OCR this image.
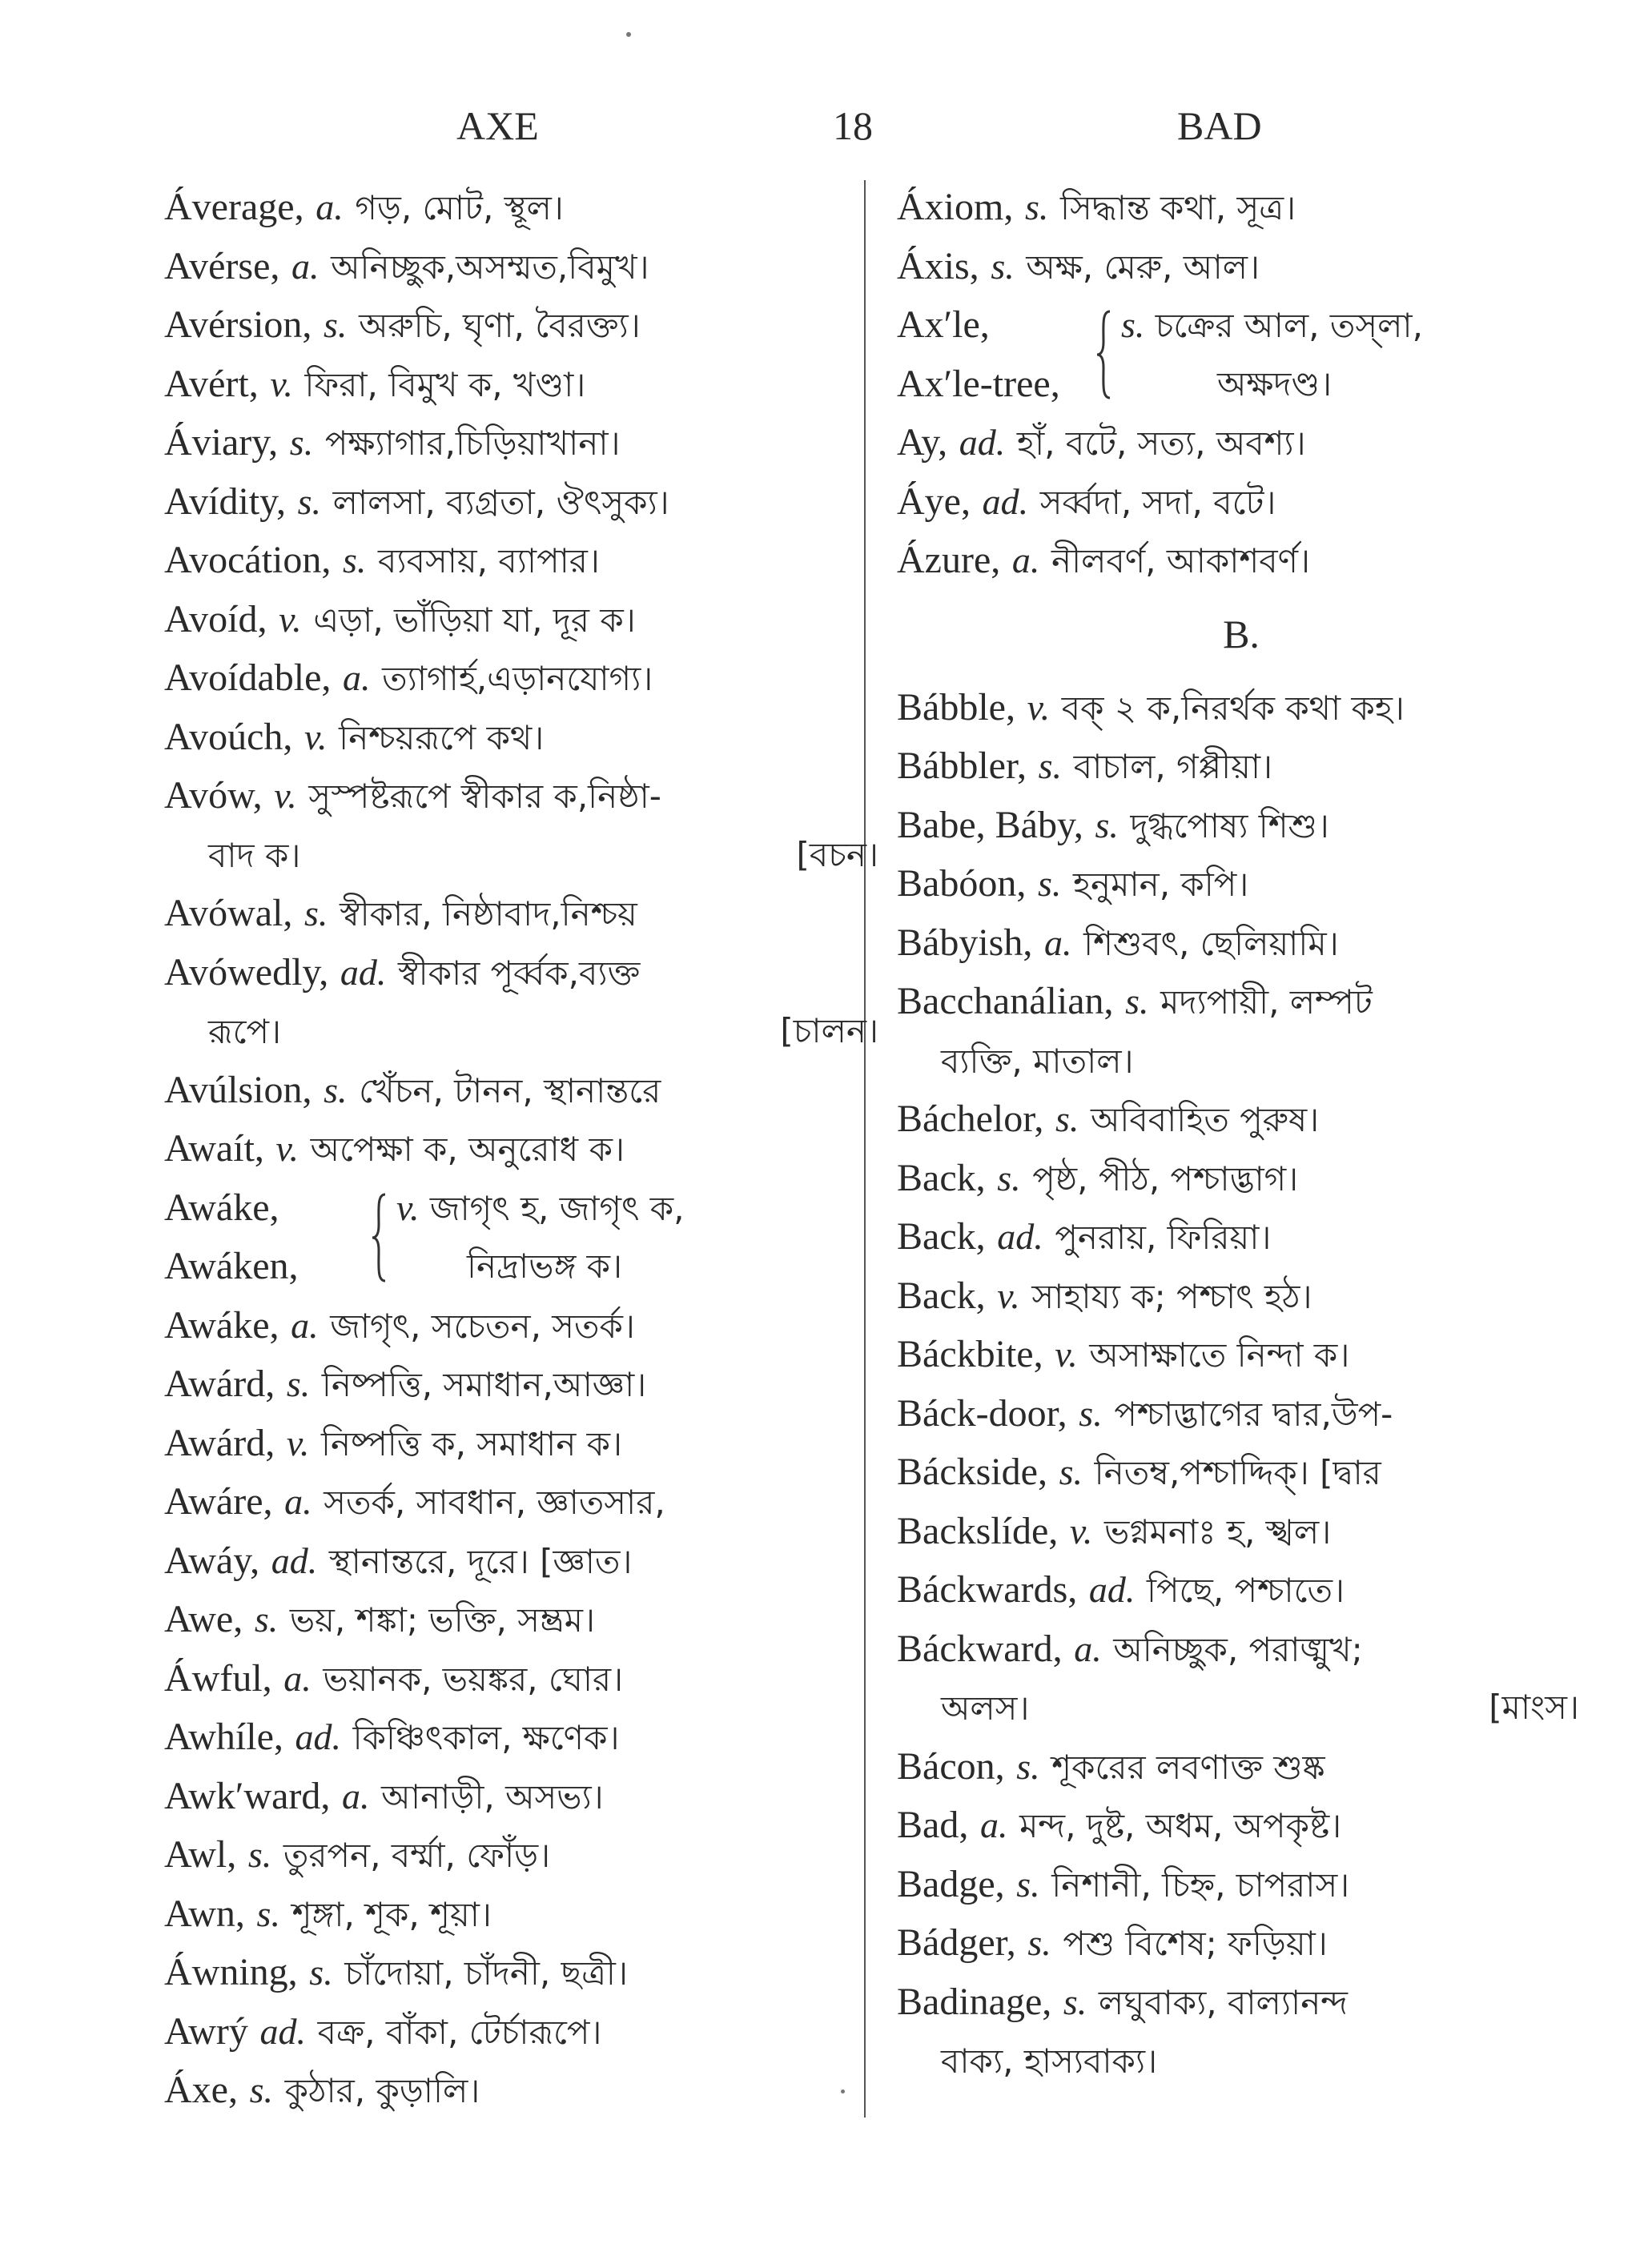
AXE	18	BAD
Áverage, a. গড়, মোট, স্থূল।
Avérse, a. অনিচ্ছুক,অসম্মত,বিমুখ।
Avérsion, s. অরুচি, ঘৃণা, বৈরক্ত্য।
Avért, v. ফিরা, বিমুখ ক, খণ্ডা।
Áviary, s. পক্ষ্যাগার,চিড়িয়াখানা।
Avídity, s. লালসা, ব্যগ্রতা, ঔৎসুক্য।
Avocátion, s. ব্যবসায়, ব্যাপার।
Avoíd, v. এড়া, ভাঁড়িয়া যা, দূর ক।
Avoídable, a. ত্যাগার্হ,এড়ানযোগ্য।
Avoúch, v. নিশ্চয়রূপে কথ।
Avów, v. সুস্পষ্টরূপে স্বীকার ক,নিষ্ঠা-
বাদ ক।	[বচন।
Avówal, s. স্বীকার, নিষ্ঠাবাদ,নিশ্চয়
Avówedly, ad. স্বীকার পূর্ব্বক,ব্যক্ত
রূপে।	[চালন।
Avúlsion, s. খেঁচন, টানন, স্থানান্তরে
Awaít, v. অপেক্ষা ক, অনুরোধ ক।
Awáke,
Awáken,
v. জাগৃৎ হ, জাগৃৎ ক,
নিদ্রাভঙ্গ ক।
Awáke, a. জাগৃৎ, সচেতন, সতর্ক।
Awárd, s. নিষ্পত্তি, সমাধান,আজ্ঞা।
Awárd, v. নিষ্পত্তি ক, সমাধান ক।
Awáre, a. সতর্ক, সাবধান, জ্ঞাতসার,
Awáy, ad. স্থানান্তরে, দূরে। [জ্ঞাত।
Awe, s. ভয়, শঙ্কা; ভক্তি, সম্ভ্রম।
Áwful, a. ভয়ানক, ভয়ঙ্কর, ঘোর।
Awhíle, ad. কিঞ্চিৎকাল, ক্ষণেক।
Awk′ward, a. আনাড়ী, অসভ্য।
Awl, s. তুরপন, বর্ম্মা, ফোঁড়।
Awn, s. শূঙ্গা, শূক, শূয়া।
Áwning, s. চাঁদোয়া, চাঁদনী, ছত্রী।
Awrý ad. বক্র, বাঁকা, টের্চারূপে।
Áxe, s. কুঠার, কুড়ালি।
Áxiom, s. সিদ্ধান্ত কথা, সূত্র।
Áxis, s. অক্ষ, মেরু, আল।
Ax′le,
Ax′le-tree,
s. চক্রের আল, তস্‌লা,
অক্ষদণ্ড।
Ay, ad. হাঁ, বটে, সত্য, অবশ্য।
Áye, ad. সর্ব্বদা, সদা, বটে।
Ázure, a. নীলবর্ণ, আকাশবর্ণ।
B.
Bábble, v. বক্ ২ ক,নিরর্থক কথা কহ।
Bábbler, s. বাচাল, গপ্পীয়া।
Babe, Báby, s. দুগ্ধপোষ্য শিশু।
Babóon, s. হনুমান, কপি।
Bábyish, a. শিশুবৎ, ছেলিয়ামি।
Bacchanálian, s. মদ্যপায়ী, লম্পট
ব্যক্তি, মাতাল।
Báchelor, s. অবিবাহিত পুরুষ।
Back, s. পৃষ্ঠ, পীঠ, পশ্চাদ্ভাগ।
Back, ad. পুনরায়, ফিরিয়া।
Back, v. সাহায্য ক; পশ্চাৎ হঠ।
Báckbite, v. অসাক্ষাতে নিন্দা ক।
Báck-door, s. পশ্চাদ্ভাগের দ্বার,উপ-
Báckside, s. নিতম্ব,পশ্চাদ্দিক্। [দ্বার
Backslíde, v. ভগ্নমনাঃ হ, স্খল।
Báckwards, ad. পিছে, পশ্চাতে।
Báckward, a. অনিচ্ছুক, পরাঙ্মুখ;
অলস।	[মাংস।
Bácon, s. শূকরের লবণাক্ত শুষ্ক
Bad, a. মন্দ, দুষ্ট, অধম, অপকৃষ্ট।
Badge, s. নিশানী, চিহ্ন, চাপরাস।
Bádger, s. পশু বিশেষ; ফড়িয়া।
Badinage, s. লঘুবাক্য, বাল্যানন্দ
বাক্য, হাস্যবাক্য।
